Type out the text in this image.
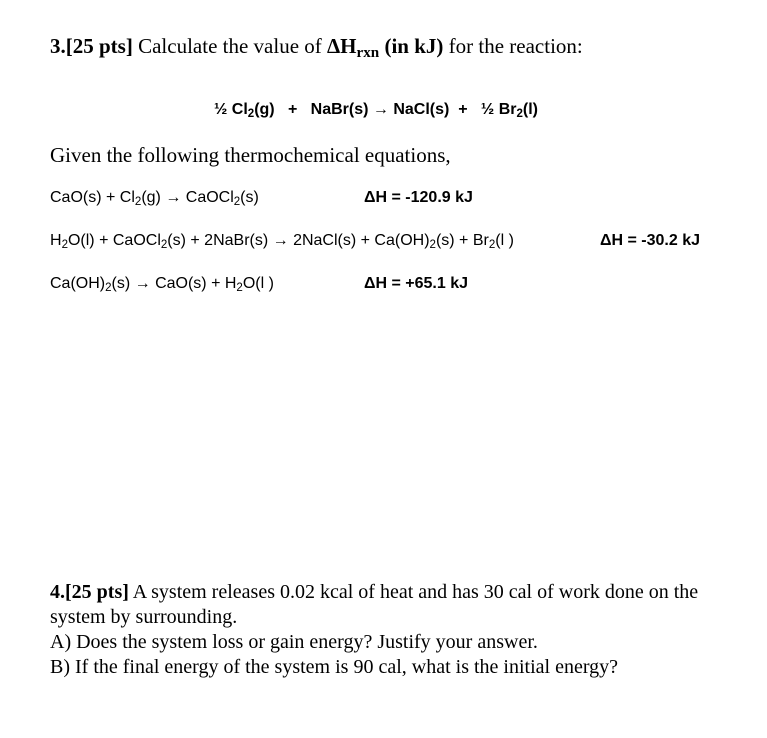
3.[25 pts] Calculate the value of $\Delta H_{rxn}$ (in kJ) for the reaction:
½ $Cl_2(g)$   +   NaBr(s) → NaCl(s)  +   ½ $Br_2(l)$
Given the following thermochemical equations,
$CaO(s) + Cl_2(g)$ → CaOCl$_2$(s)	ΔH = -120.9 kJ
$H_2O(l)$ + CaOCl$_2$(s) + 2NaBr(s) → 2NaCl(s) + $Ca(OH)_2(s) + Br_2(l$ )	ΔH = -30.2 kJ
$Ca(OH)_2(s) \to CaO(s) + H_2O(l$ )	ΔH = +65.1 kJ

4.[25 pts] A system releases 0.02 kcal of heat and has 30 cal of work done on the

system by surrounding.

A) Does the system loss or gain energy? Justify your answer.

B) If the final energy of the system is 90 cal, what is the initial energy?
